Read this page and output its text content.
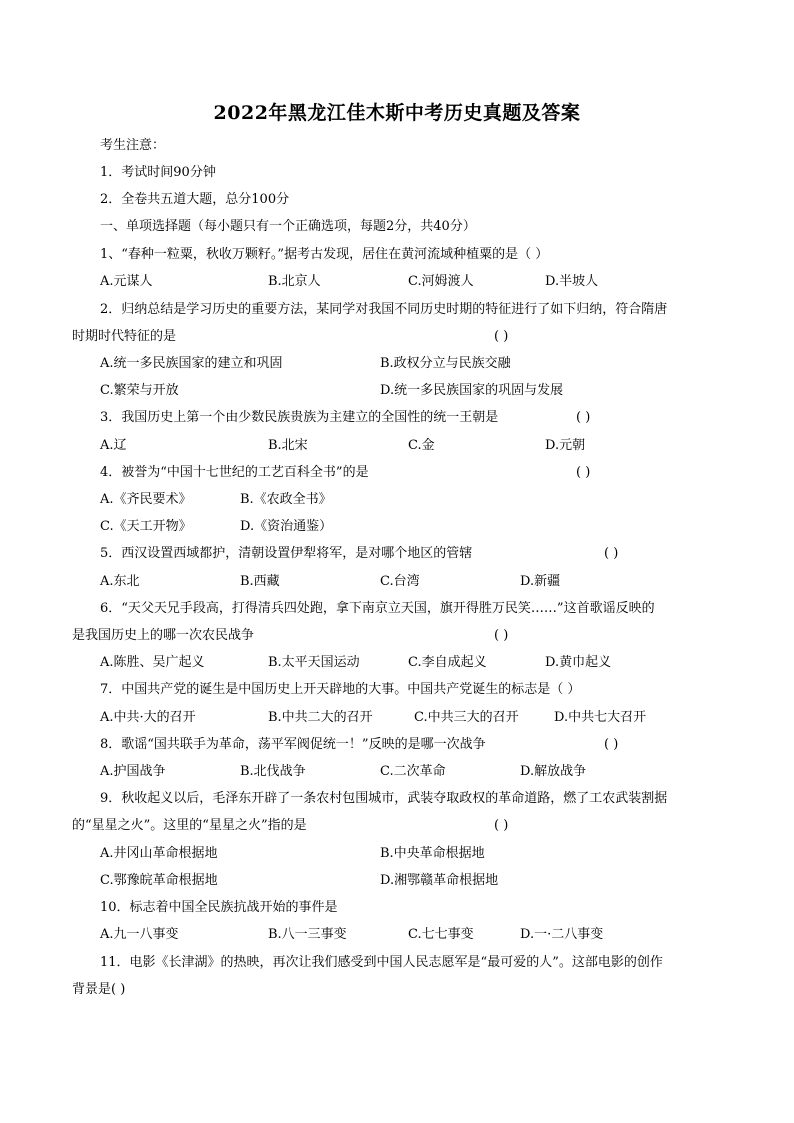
2022年黑龙江佳木斯中考历史真题及答案
考生注意：
1．考试时间90分钟
2．全卷共五道大题，总分100分
一、单项选择题（每小题只有一个正确选项，每题2分，共40分）
1、“春种一粒粟，秋收万颗籽。”据考古发现，居住在黄河流域种植粟的是（ ）
A.元谋人	B.北京人	C.河姆渡人	D.半坡人
2．归纳总结是学习历史的重要方法，某同学对我国不同历史时期的特征进行了如下归纳，符合隋唐
时期时代特征的是	( )
A.统一多民族国家的建立和巩固	B.政权分立与民族交融
C.繁荣与开放	D.统一多民族国家的巩固与发展
3．我国历史上第一个由少数民族贵族为主建立的全国性的统一王朝是	( )
A.辽	B.北宋	C.金	D.元朝
4．被誉为“中国十七世纪的工艺百科全书”的是	( )
A.《齐民要术》	B.《农政全书》
C.《天工开物》	D.《资治通鉴）
5．西汉设置西域都护，清朝设置伊犁将军，是对哪个地区的管辖	( )
A.东北	B.西藏	C.台湾	D.新疆
6．“天父天兄手段高，打得清兵四处跑，拿下南京立天国，旗开得胜万民笑……”这首歌谣反映的
是我国历史上的哪一次农民战争	( )
A.陈胜、吴广起义	B.太平天国运动	C.李自成起义	D.黄巾起义
7．中国共产党的诞生是中国历史上开天辟地的大事。中国共产党诞生的标志是（ ）
A.中共·大的召开	B.中共二大的召开	C.中共三大的召开	D.中共七大召开
8．歌谣“国共联手为革命，荡平军阀促统一！”反映的是哪一次战争	( )
A.护国战争	B.北伐战争	C.二次革命	D.解放战争
9．秋收起义以后，毛泽东开辟了一条农村包围城市，武装夺取政权的革命道路，燃了工农武装割据
的“星星之火”。这里的“星星之火”指的是	( )
A.井冈山革命根据地	B.中央革命根据地
C.鄂豫皖革命根据地	D.湘鄂赣革命根据地
10．标志着中国全民族抗战开始的事件是
A.九一八事变	B.八一三事变	C.七七事变	D.一·二八事变
11．电影《长津湖》的热映，再次让我们感受到中国人民志愿军是“最可爱的人”。这部电影的创作
背景是( )
